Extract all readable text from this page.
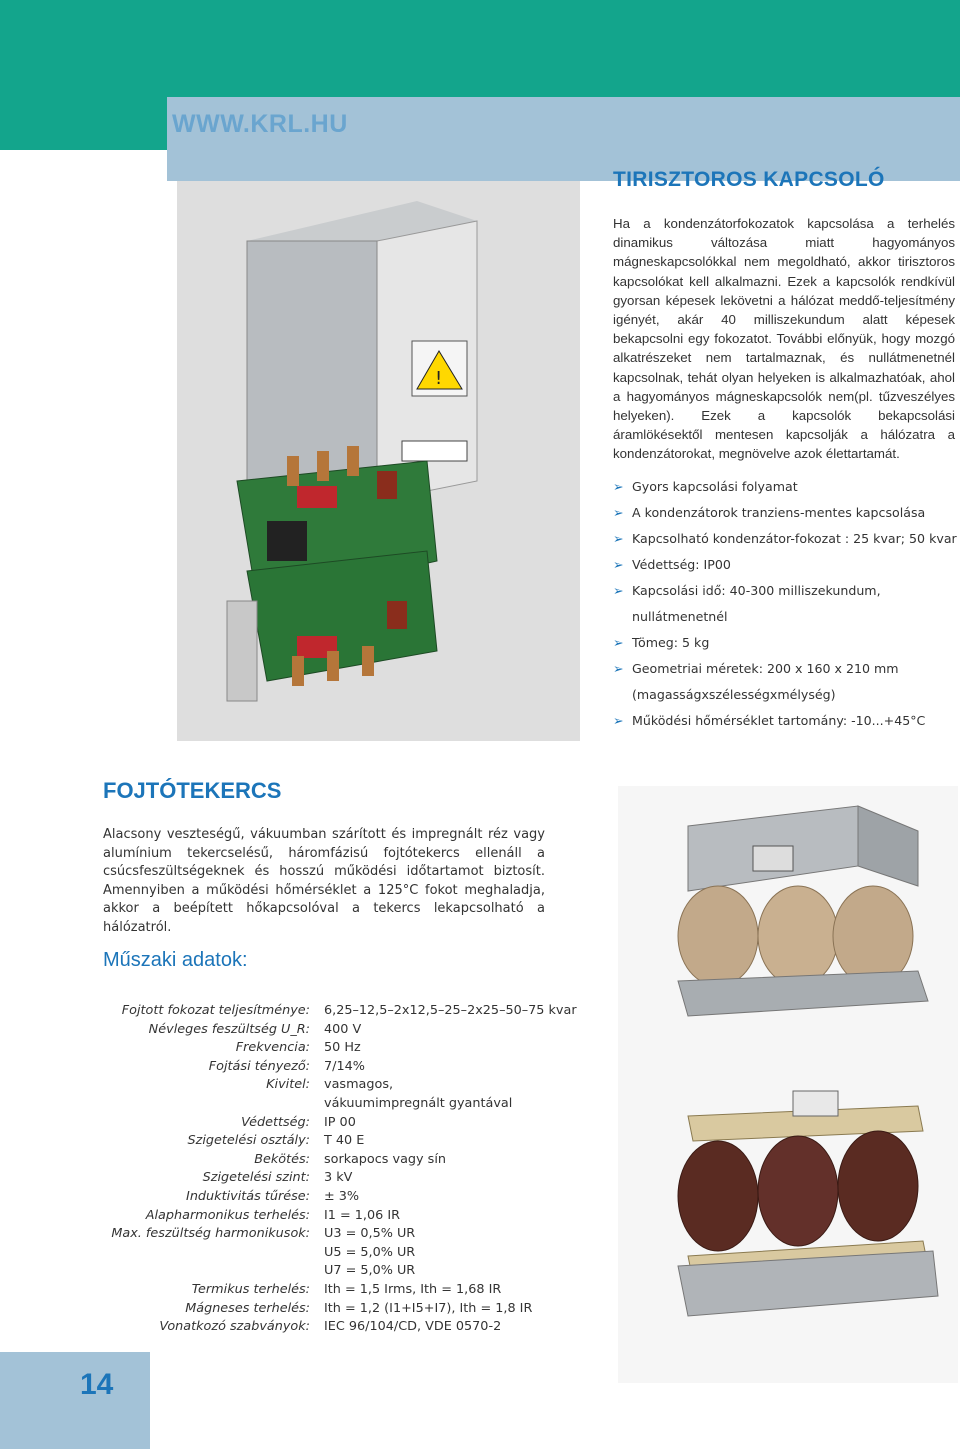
WWW.KRL.HU
!
TIRISZTOROS KAPCSOLÓ
Ha a kondenzátorfokozatok kapcsolása a terhelés dinamikus változása miatt hagyományos mágneskapcsolókkal nem megoldható, akkor tirisztoros kapcsolókat kell alkalmazni. Ezek a kapcsolók rendkívül gyorsan képesek lekövetni a hálózat meddő-teljesítmény igényét, akár 40 milliszekundum alatt képesek bekapcsolni egy fokozatot. További előnyük, hogy mozgó alkatrészeket nem tartalmaznak, és nullátmenetnél kapcsolnak, tehát olyan helyeken is alkalmazhatóak, ahol a hagyományos mágneskapcsolók nem(pl. tűzveszélyes helyeken). Ezek a kapcsolók bekapcsolási áramlökésektől mentesen kapcsolják a hálózatra a kondenzátorokat, megnövelve azok élettartamát.
➢ Gyors kapcsolási folyamat
➢ A kondenzátorok tranziens-mentes kapcsolása
➢ Kapcsolható kondenzátor-fokozat : 25 kvar; 50 kvar
➢ Védettség: IP00
➢ Kapcsolási idő: 40-300 milliszekundum, nullátmenetnél
➢ Tömeg: 5 kg
➢ Geometriai méretek: 200 x 160 x 210 mm (magasságxszélességxmélység)
➢ Működési hőmérséklet tartomány: -10...+45°C
FOJTÓTEKERCS
Alacsony veszteségű, vákuumban szárított és impregnált réz vagy alumínium tekercselésű, háromfázisú fojtótekercs ellenáll a csúcsfeszültségeknek és hosszú működési időtartamot biztosít. Amennyiben a működési hőmérséklet a 125°C fokot meghaladja, akkor a beépített hőkapcsolóval a tekercs lekapcsolható a hálózatról.
Műszaki adatok:
Fojtott fokozat teljesítménye:	6,25–12,5–2x12,5–25–2x25–50–75 kvar
Névleges feszültség U_R:	400 V
Frekvencia:	50 Hz
Fojtási tényező:	7/14%
Kivitel:	vasmagos,
vákuumimpregnált gyantával
Védettség:	IP 00
Szigetelési osztály:	T 40 E
Bekötés:	sorkapocs vagy sín
Szigetelési szint:	3 kV
Induktivitás tűrése:	± 3%
Alapharmonikus terhelés:	I1 = 1,06 IR
Max. feszültség harmonikusok:	U3 = 0,5% UR
U5 = 5,0% UR
U7 = 5,0% UR
Termikus terhelés:	Ith = 1,5 Irms, Ith = 1,68 IR
Mágneses terhelés:	Ith = 1,2 (I1+I5+I7), Ith = 1,8 IR
Vonatkozó szabványok:	IEC 96/104/CD, VDE 0570-2
14
